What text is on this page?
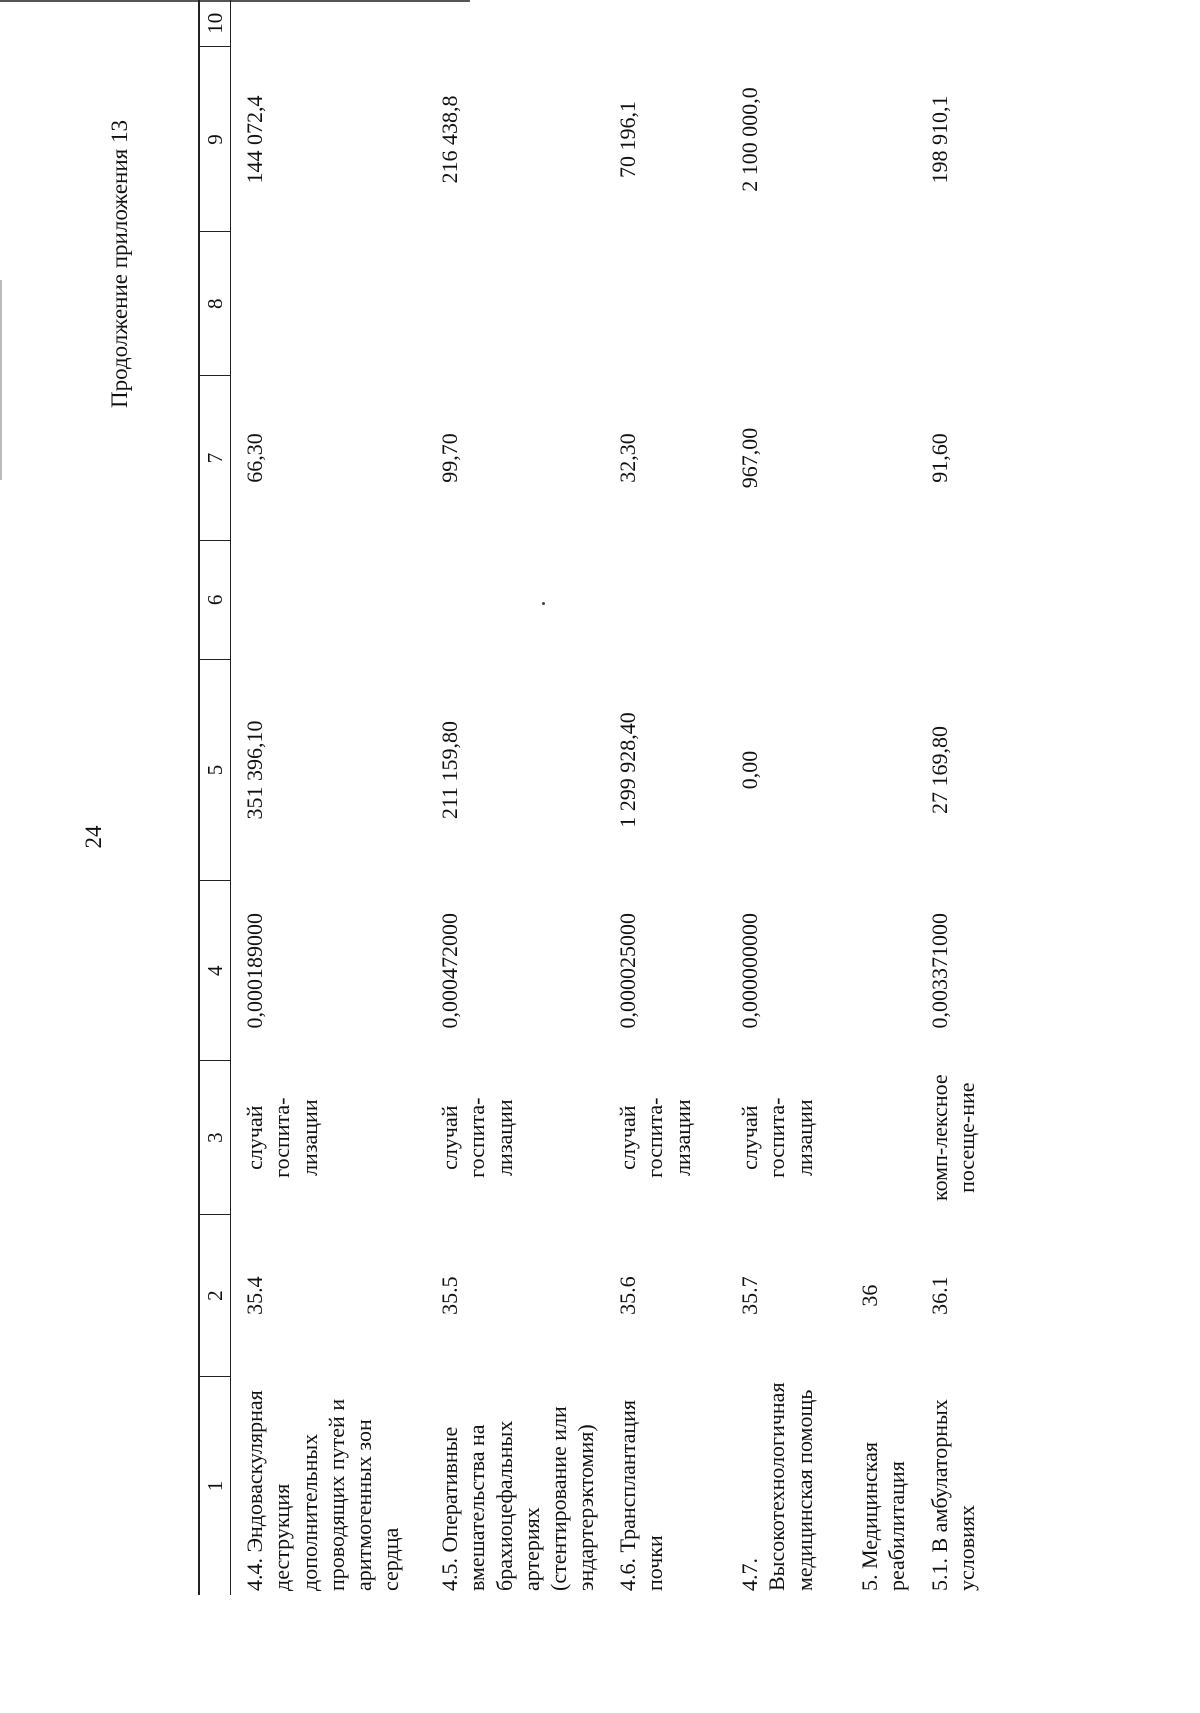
24
Продолжение приложения 13
1	2	3	4	5	6	7	8	9	10
4.4. Эндоваскулярная деструкция дополнительных проводящих путей и аритмогенных зон сердца	35.4	случай госпита-лизации	0,000189000	351 396,10		66,30		144 072,4	
4.5. Оперативные вмешательства на брахиоцефальных артериях (стентирование или эндартерэктомия)	35.5	случай госпита-лизации	0,000472000	211 159,80		99,70		216 438,8	
4.6. Трансплантация почки	35.6	случай госпита-лизации	0,000025000	1 299 928,40		32,30		70 196,1	
4.7. Высокотехнологичная медицинская помощь	35.7	случай госпита-лизации	0,000000000	0,00		967,00		2 100 000,0	
5. Медицинская реабилитация	36								
5.1. В амбулаторных условиях	36.1	комп-лексное посеще-ние	0,003371000	27 169,80		91,60		198 910,1	
